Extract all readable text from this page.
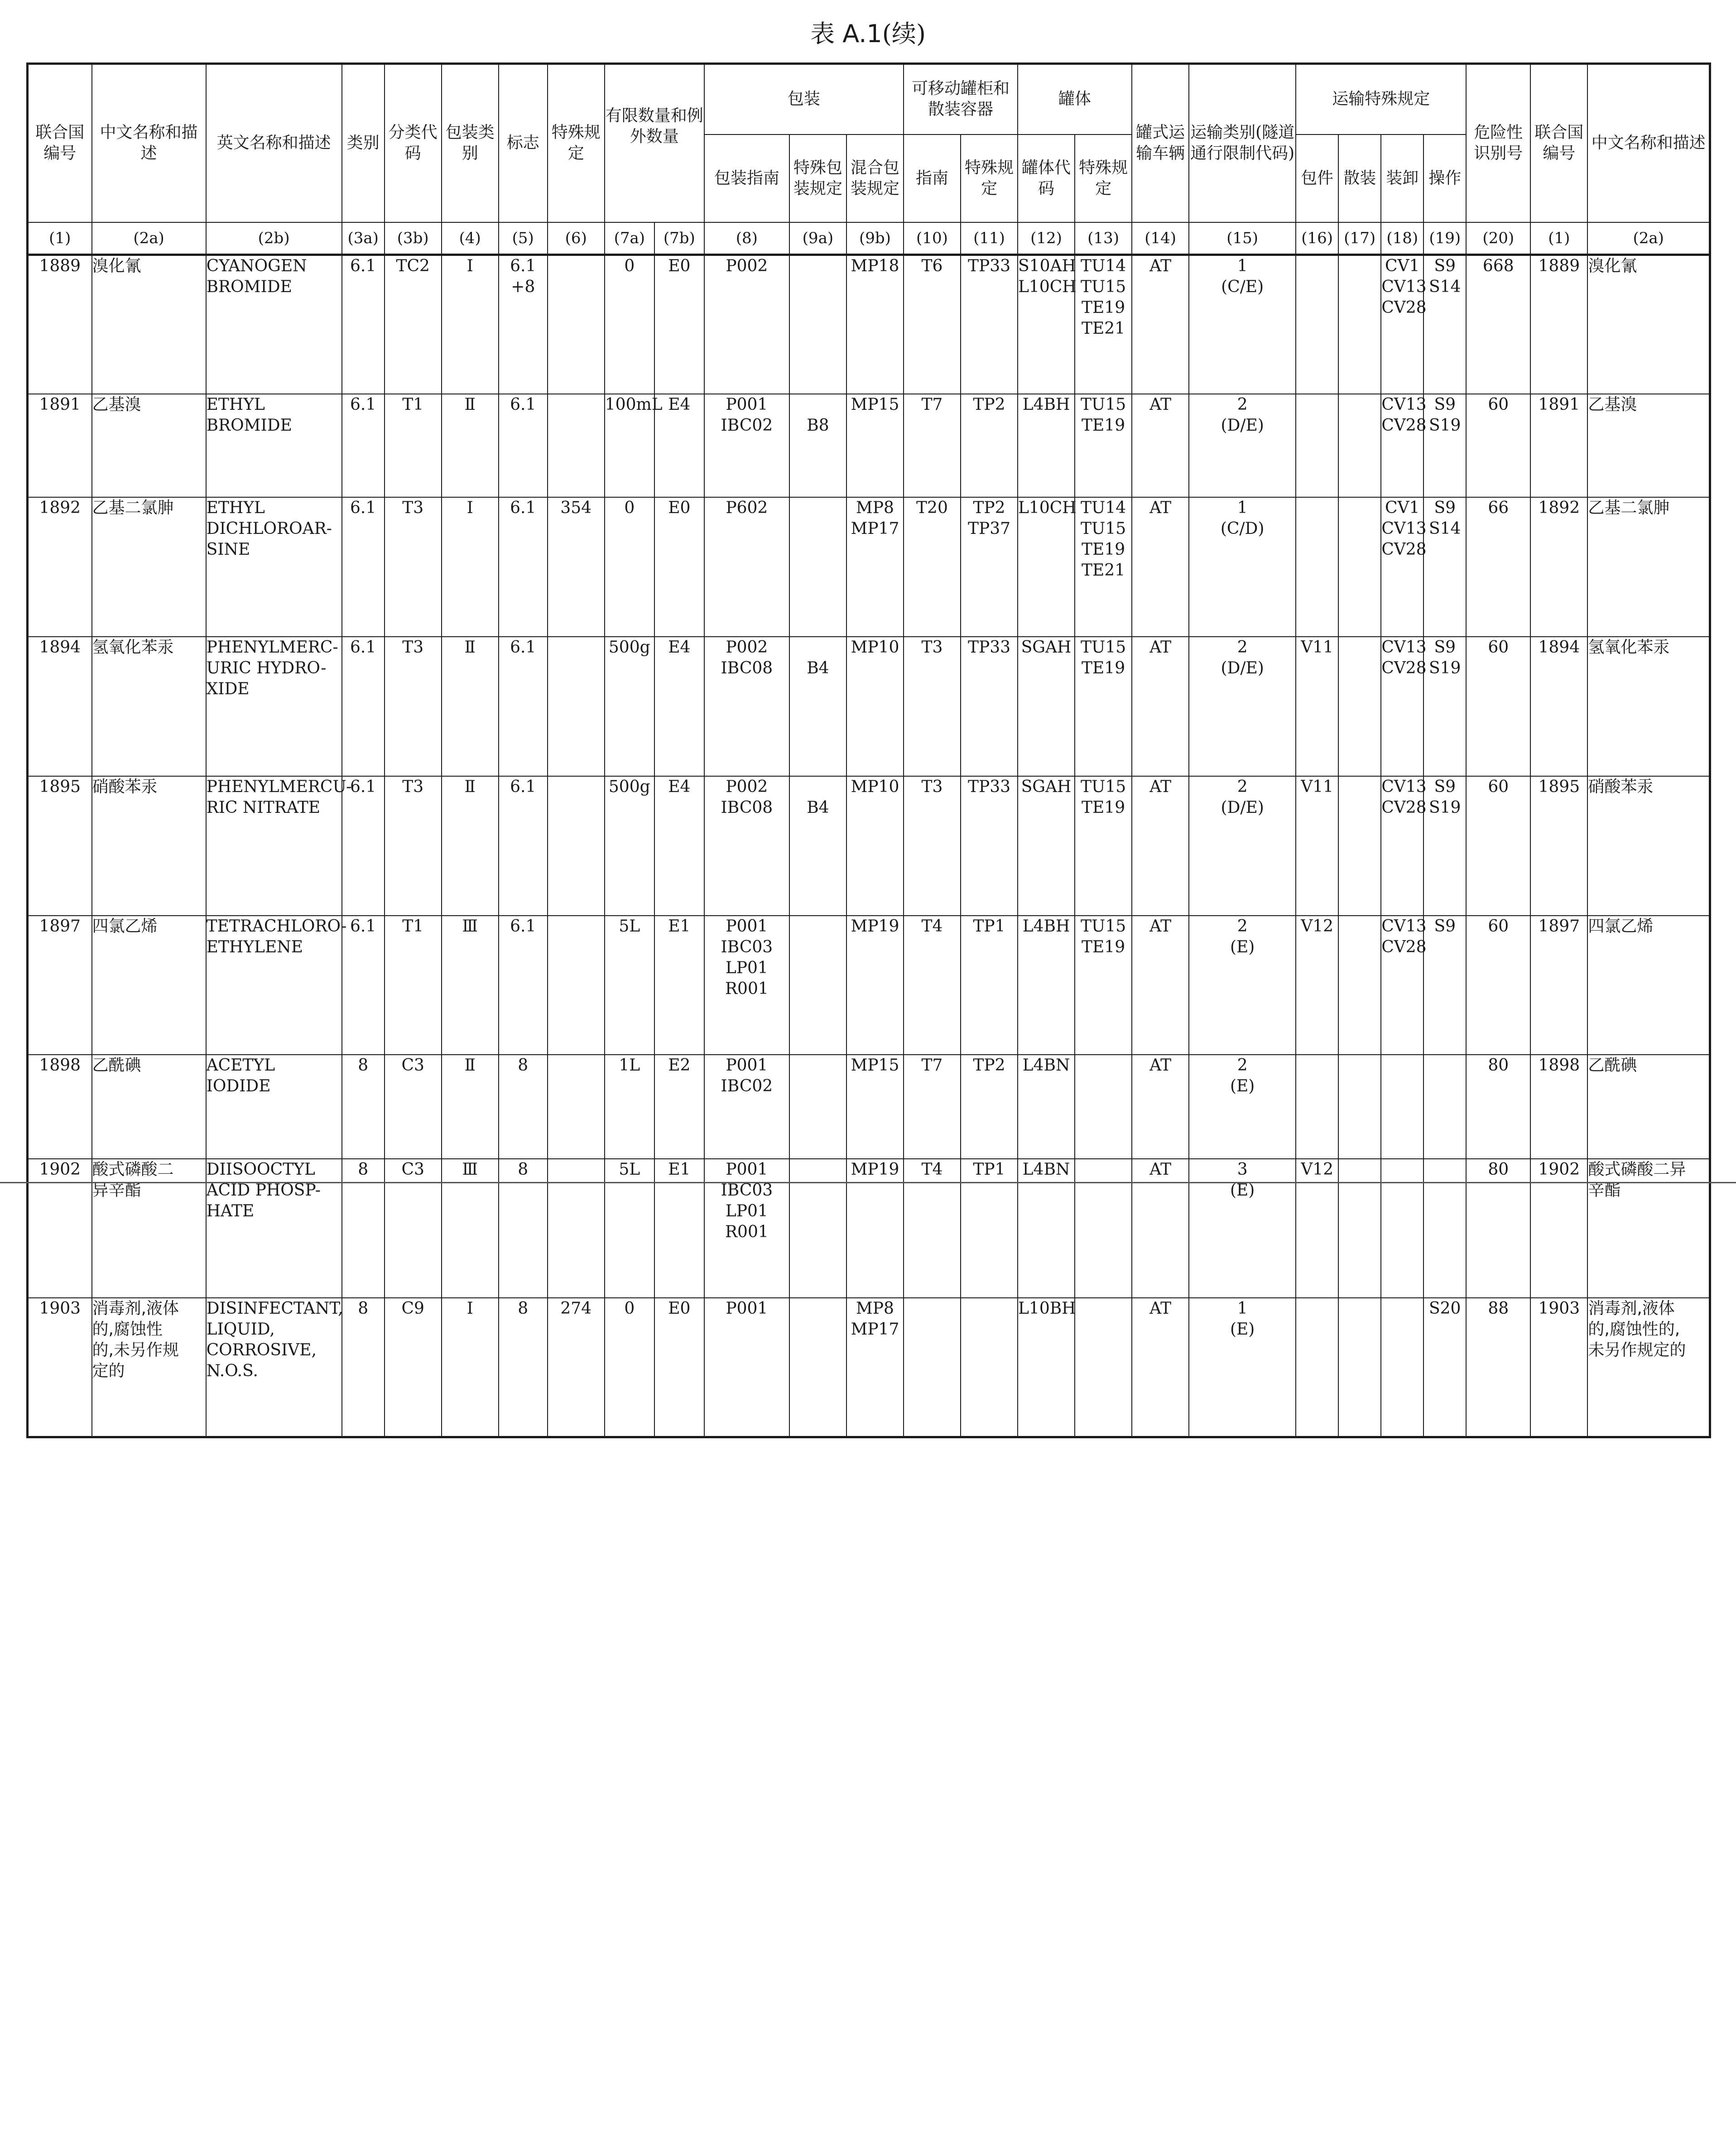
表 A.1(续)
联合国编号	中文名称和描述	英文名称和描述	类别	分类代码	包装类别	标志	特殊规定	有限数量和例外数量		包装			可移动罐柜和散装容器		罐体		罐式运输车辆	运输类别(隧道通行限制代码)	运输特殊规定				危险性识别号	联合国编号	中文名称和描述
										包装指南	特殊包装规定	混合包装规定	指南	特殊规定	罐体代码	特殊规定			包件	散装	装卸	操作			
(1)	(2a)	(2b)	(3a)	(3b)	(4)	(5)	(6)	(7a)	(7b)	(8)	(9a)	(9b)	(10)	(11)	(12)	(13)	(14)	(15)	(16)	(17)	(18)	(19)	(20)	(1)	(2a)

1889	溴化氰	CYANOGEN
BROMIDE	6.1	TC2	I	6.1
+8		0	E0	P002		MP18	T6	TP33	S10AH
L10CH	TU14
TU15
TE19
TE21	AT	1
(C/E)			CV1
CV13
CV28	S9
S14	668	1889	溴化氰

1891	乙基溴	ETHYL
BROMIDE	6.1	T1	Ⅱ	6.1		100mL	E4	P001
IBC02	B8	MP15	T7	TP2	L4BH	TU15
TE19	AT	2
(D/E)			CV13
CV28	S9
S19	60	1891	乙基溴

1892	乙基二氯胂	ETHYL
DICHLOROAR-
SINE	6.1	T3	I	6.1	354	0	E0	P602		MP8
MP17	T20	TP2
TP37	L10CH	TU14
TU15
TE19
TE21	AT	1
(C/D)			CV1
CV13
CV28	S9
S14	66	1892	乙基二氯胂

1894	氢氧化苯汞	PHENYLMERC-
URIC HYDRO-
XIDE	6.1	T3	Ⅱ	6.1		500g	E4	P002
IBC08	B4	MP10	T3	TP33	SGAH	TU15
TE19	AT	2
(D/E)	V11		CV13
CV28	S9
S19	60	1894	氢氧化苯汞

1895	硝酸苯汞	PHENYLMERCU-
RIC NITRATE	6.1	T3	Ⅱ	6.1		500g	E4	P002
IBC08	B4	MP10	T3	TP33	SGAH	TU15
TE19	AT	2
(D/E)	V11		CV13
CV28	S9
S19	60	1895	硝酸苯汞

1897	四氯乙烯	TETRACHLORO-
ETHYLENE	6.1	T1	Ⅲ	6.1		5L	E1	P001
IBC03
LP01
R001		MP19	T4	TP1	L4BH	TU15
TE19	AT	2
(E)	V12		CV13
CV28	S9	60	1897	四氯乙烯

1898	乙酰碘	ACETYL
IODIDE	8	C3	Ⅱ	8		1L	E2	P001
IBC02		MP15	T7	TP2	L4BN		AT	2
(E)					80	1898	乙酰碘

1902	酸式磷酸二
异辛酯	DIISOOCTYL
ACID PHOSP-
HATE	8	C3	Ⅲ	8		5L	E1	P001
IBC03
LP01
R001		MP19	T4	TP1	L4BN		AT	3
(E)	V12				80	1902	酸式磷酸二异
辛酯

1903	消毒剂,液体
的,腐蚀性
的,未另作规
定的	DISINFECTANT,
LIQUID,
CORROSIVE,
N.O.S.	8	C9	I	8	274	0	E0	P001		MP8
MP17			L10BH		AT	1
(E)				S20	88	1903	消毒剂,液体
的,腐蚀性的,
未另作规定的
